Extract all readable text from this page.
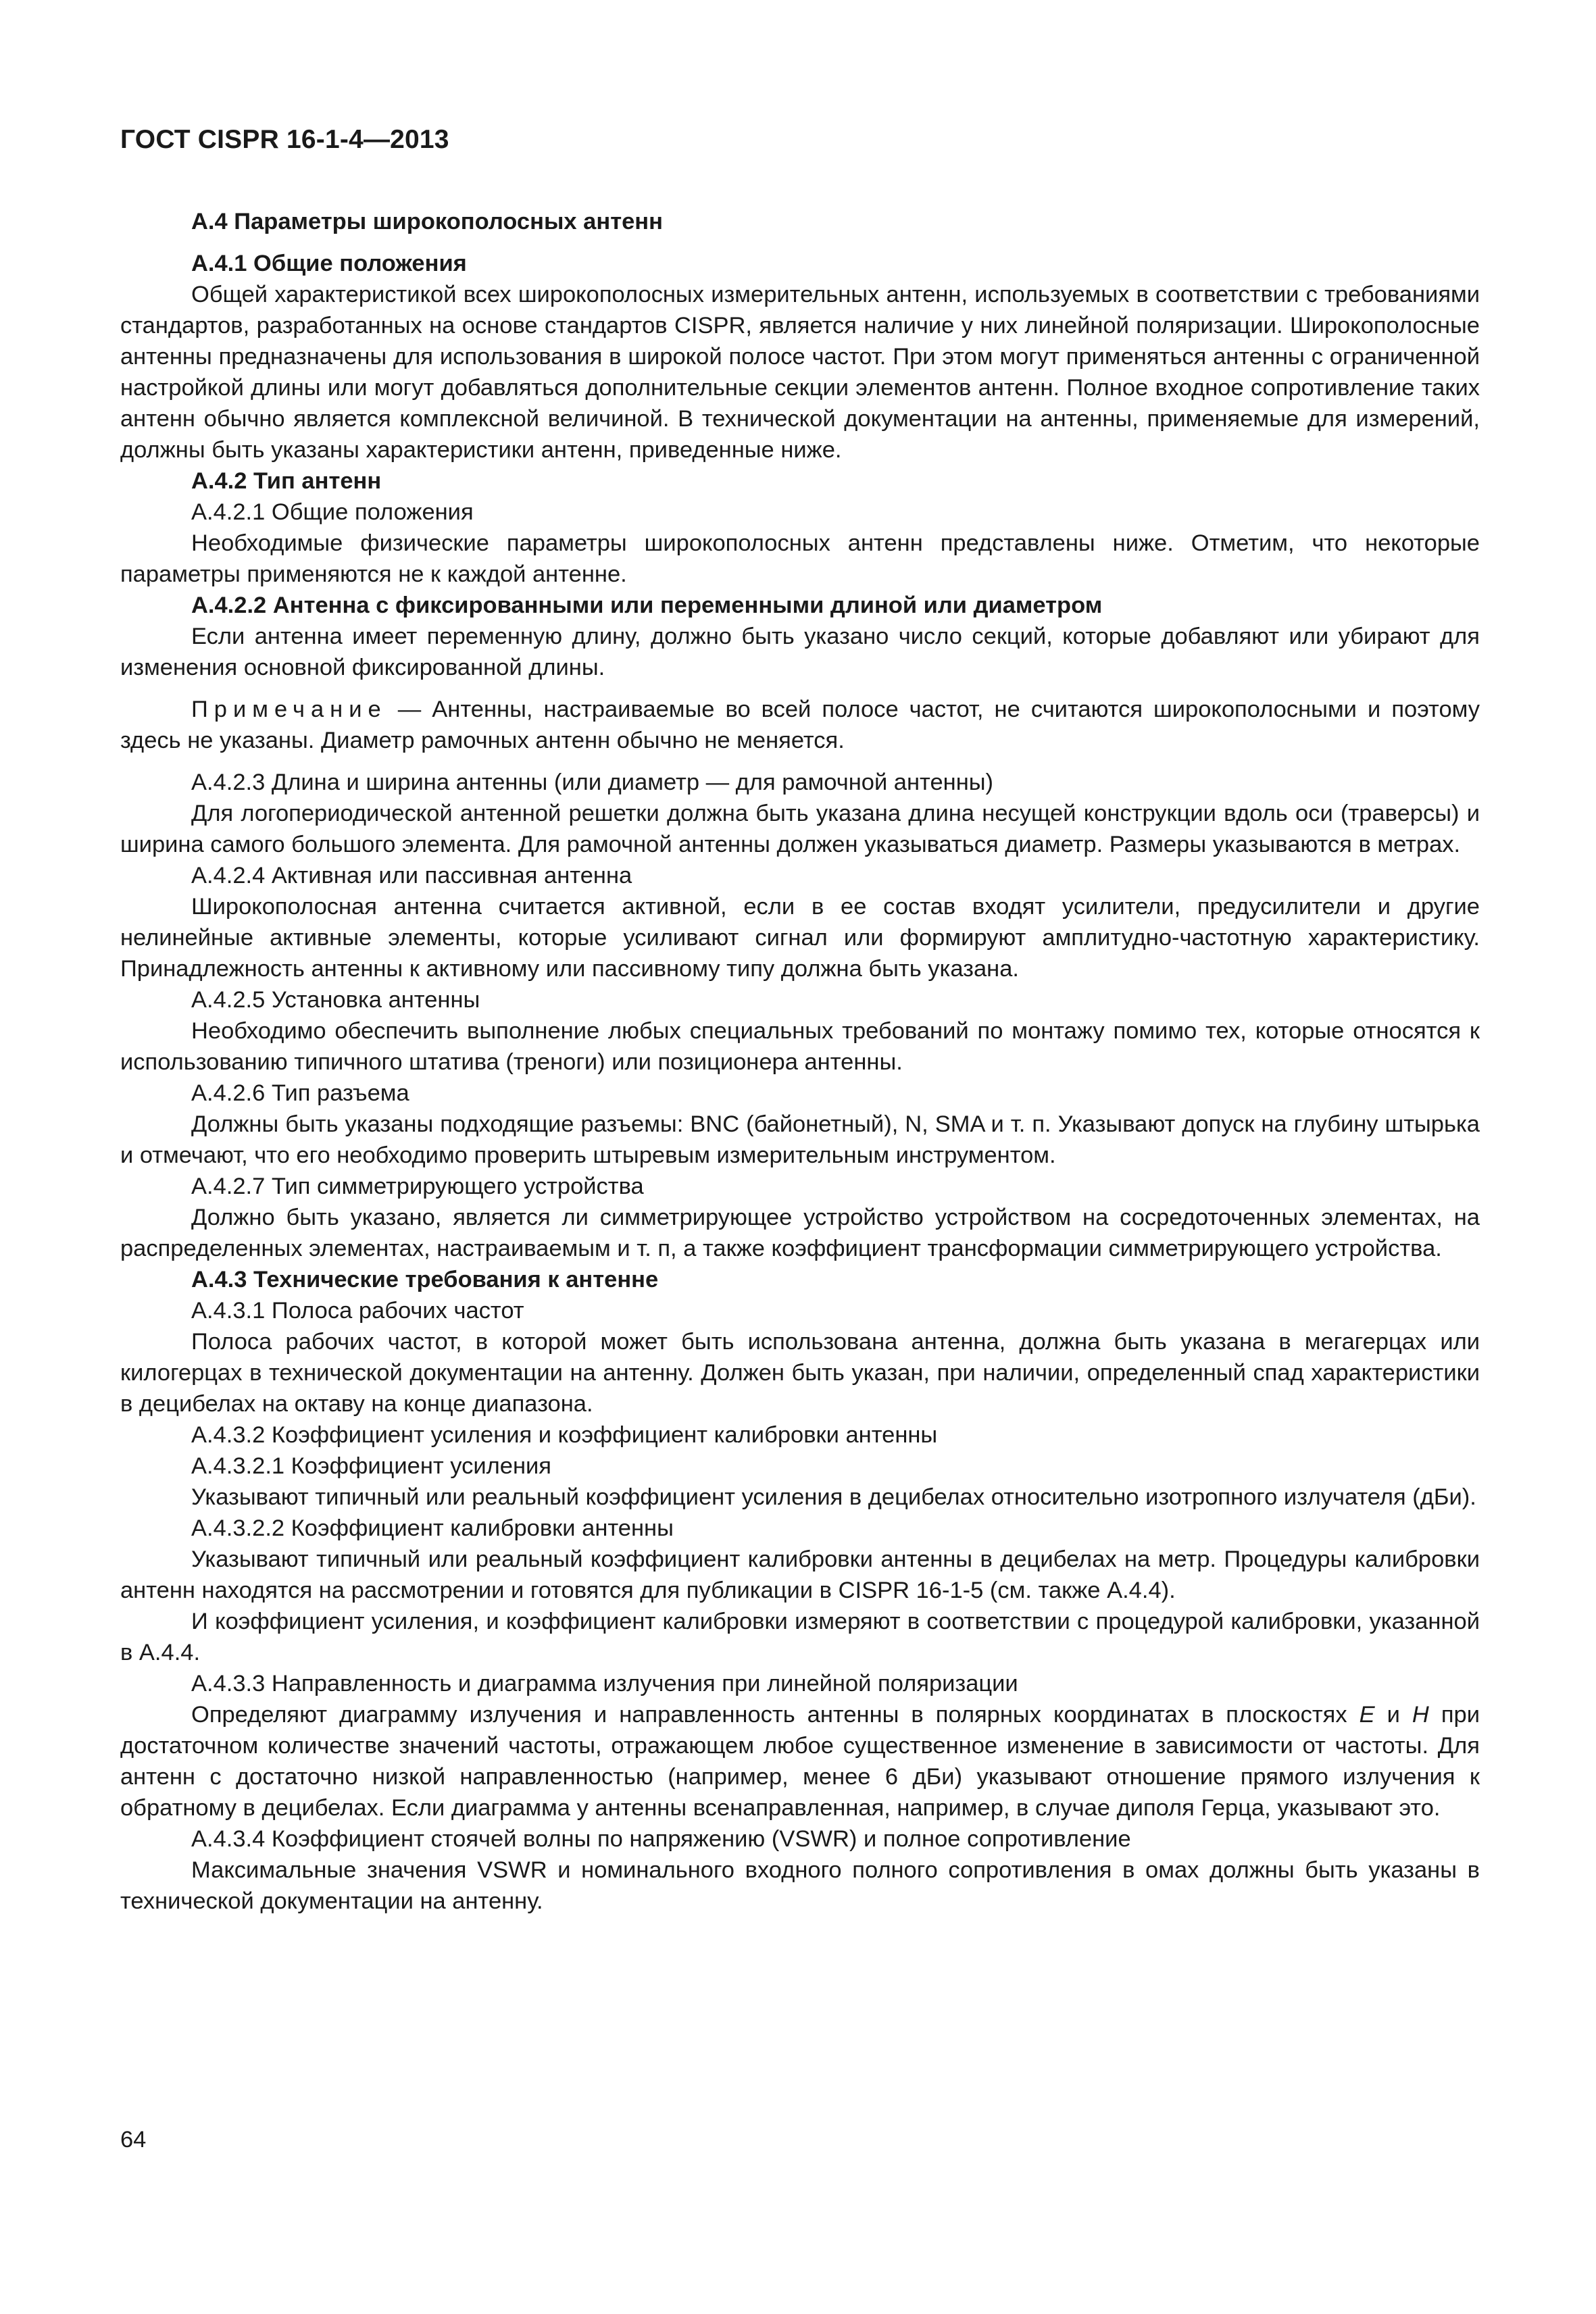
ГОСТ CISPR 16-1-4—2013

А.4 Параметры широкополосных антенн

А.4.1 Общие положения

Общей характеристикой всех широкополосных измерительных антенн, используемых в соответствии с требованиями стандартов, разработанных на основе стандартов CISPR, является наличие у них линейной поляризации. Широкополосные антенны предназначены для использования в широкой полосе частот. При этом могут применяться антенны с ограниченной настройкой длины или могут добавляться дополнительные секции элементов антенн. Полное входное сопротивление таких антенн обычно является комплексной величиной. В технической документации на антенны, применяемые для измерений, должны быть указаны характеристики антенн, приведенные ниже.

А.4.2 Тип антенн

А.4.2.1 Общие положения

Необходимые физические параметры широкополосных антенн представлены ниже. Отметим, что некоторые параметры применяются не к каждой антенне.

А.4.2.2 Антенна с фиксированными или переменными длиной или диаметром

Если антенна имеет переменную длину, должно быть указано число секций, которые добавляют или убирают для изменения основной фиксированной длины.

Примечание — Антенны, настраиваемые во всей полосе частот, не считаются широкополосными и поэтому здесь не указаны. Диаметр рамочных антенн обычно не меняется.

А.4.2.3 Длина и ширина антенны (или диаметр — для рамочной антенны)

Для логопериодической антенной решетки должна быть указана длина несущей конструкции вдоль оси (траверсы) и ширина самого большого элемента. Для рамочной антенны должен указываться диаметр. Размеры указываются в метрах.

А.4.2.4 Активная или пассивная антенна

Широкополосная антенна считается активной, если в ее состав входят усилители, предусилители и другие нелинейные активные элементы, которые усиливают сигнал или формируют амплитудно-частотную характеристику. Принадлежность антенны к активному или пассивному типу должна быть указана.

А.4.2.5 Установка антенны

Необходимо обеспечить выполнение любых специальных требований по монтажу помимо тех, которые относятся к использованию типичного штатива (треноги) или позиционера антенны.

А.4.2.6 Тип разъема

Должны быть указаны подходящие разъемы: BNC (байонетный), N, SMA и т. п. Указывают допуск на глубину штырька и отмечают, что его необходимо проверить штыревым измерительным инструментом.

А.4.2.7 Тип симметрирующего устройства

Должно быть указано, является ли симметрирующее устройство устройством на сосредоточенных элементах, на распределенных элементах, настраиваемым и т. п, а также коэффициент трансформации симметрирующего устройства.

А.4.3 Технические требования к антенне

А.4.3.1 Полоса рабочих частот

Полоса рабочих частот, в которой может быть использована антенна, должна быть указана в мегагерцах или килогерцах в технической документации на антенну. Должен быть указан, при наличии, определенный спад характеристики в децибелах на октаву на конце диапазона.

А.4.3.2 Коэффициент усиления и коэффициент калибровки антенны

А.4.3.2.1 Коэффициент усиления

Указывают типичный или реальный коэффициент усиления в децибелах относительно изотропного излучателя (дБи).

А.4.3.2.2 Коэффициент калибровки антенны

Указывают типичный или реальный коэффициент калибровки антенны в децибелах на метр. Процедуры калибровки антенн находятся на рассмотрении и готовятся для публикации в CISPR 16-1-5 (см. также А.4.4).

И коэффициент усиления, и коэффициент калибровки измеряют в соответствии с процедурой калибровки, указанной в А.4.4.

А.4.3.3 Направленность и диаграмма излучения при линейной поляризации

Определяют диаграмму излучения и направленность антенны в полярных координатах в плоскостях E и H при достаточном количестве значений частоты, отражающем любое существенное изменение в зависимости от частоты. Для антенн с достаточно низкой направленностью (например, менее 6 дБи) указывают отношение прямого излучения к обратному в децибелах. Если диаграмма у антенны всенаправленная, например, в случае диполя Герца, указывают это.

А.4.3.4 Коэффициент стоячей волны по напряжению (VSWR) и полное сопротивление

Максимальные значения VSWR и номинального входного полного сопротивления в омах должны быть указаны в технической документации на антенну.

64
